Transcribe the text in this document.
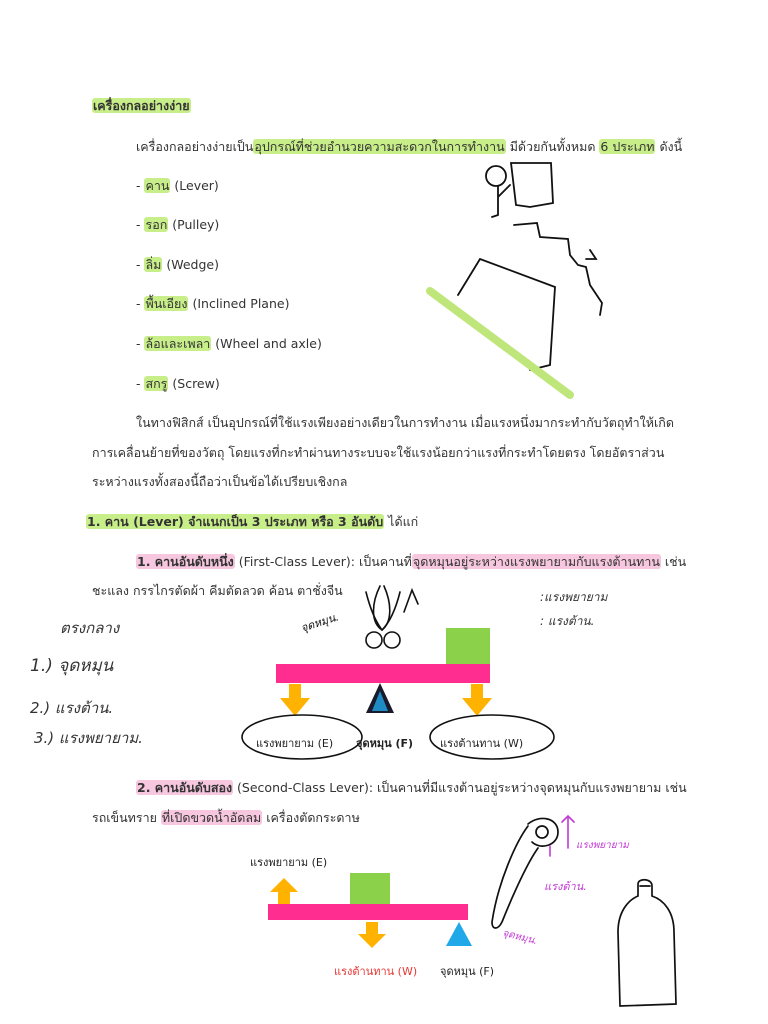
เครื่องกลอย่างง่าย
เครื่องกลอย่างง่ายเป็นอุปกรณ์ที่ช่วยอำนวยความสะดวกในการทำงาน มีด้วยกันทั้งหมด 6 ประเภท ดังนี้
- คาน (Lever)
- รอก (Pulley)
- ลิ่ม (Wedge)
- พื้นเอียง (Inclined Plane)
- ล้อและเพลา (Wheel and axle)
- สกรู (Screw)
ในทางฟิสิกส์ เป็นอุปกรณ์ที่ใช้แรงเพียงอย่างเดียวในการทำงาน เมื่อแรงหนึ่งมากระทำกับวัตถุทำให้เกิด
การเคลื่อนย้ายที่ของวัตถุ โดยแรงที่กะทำผ่านทางระบบจะใช้แรงน้อยกว่าแรงที่กระทำโดยตรง โดยอัตราส่วน
ระหว่างแรงทั้งสองนี้ถือว่าเป็นข้อได้เปรียบเชิงกล
1. คาน (Lever) จำแนกเป็น 3 ประเภท หรือ 3 อันดับ ได้แก่
1. คานอันดับหนึ่ง (First-Class Lever): เป็นคานที่จุดหมุนอยู่ระหว่างแรงพยายามกับแรงต้านทาน เช่น
ชะแลง กรรไกรตัดผ้า คีมตัดลวด ค้อน ตาชั่งจีน
ตรงกลาง
1.) จุดหมุน
2.) แรงต้าน.
3.) แรงพยายาม.
:แรงพยายาม
: แรงต้าน.
จุดหมุน.
แรงพยายาม (E) จุดหมุน (F) แรงต้านทาน (W)
2. คานอันดับสอง (Second-Class Lever): เป็นคานที่มีแรงต้านอยู่ระหว่างจุดหมุนกับแรงพยายาม เช่น
รถเข็นทราย ที่เปิดขวดน้ำอัดลม เครื่องตัดกระดาษ
แรงพยายาม (E)
แรงต้านทาน (W) จุดหมุน (F)
แรงพยายาม
แรงต้าน.
จุดหมุน.
